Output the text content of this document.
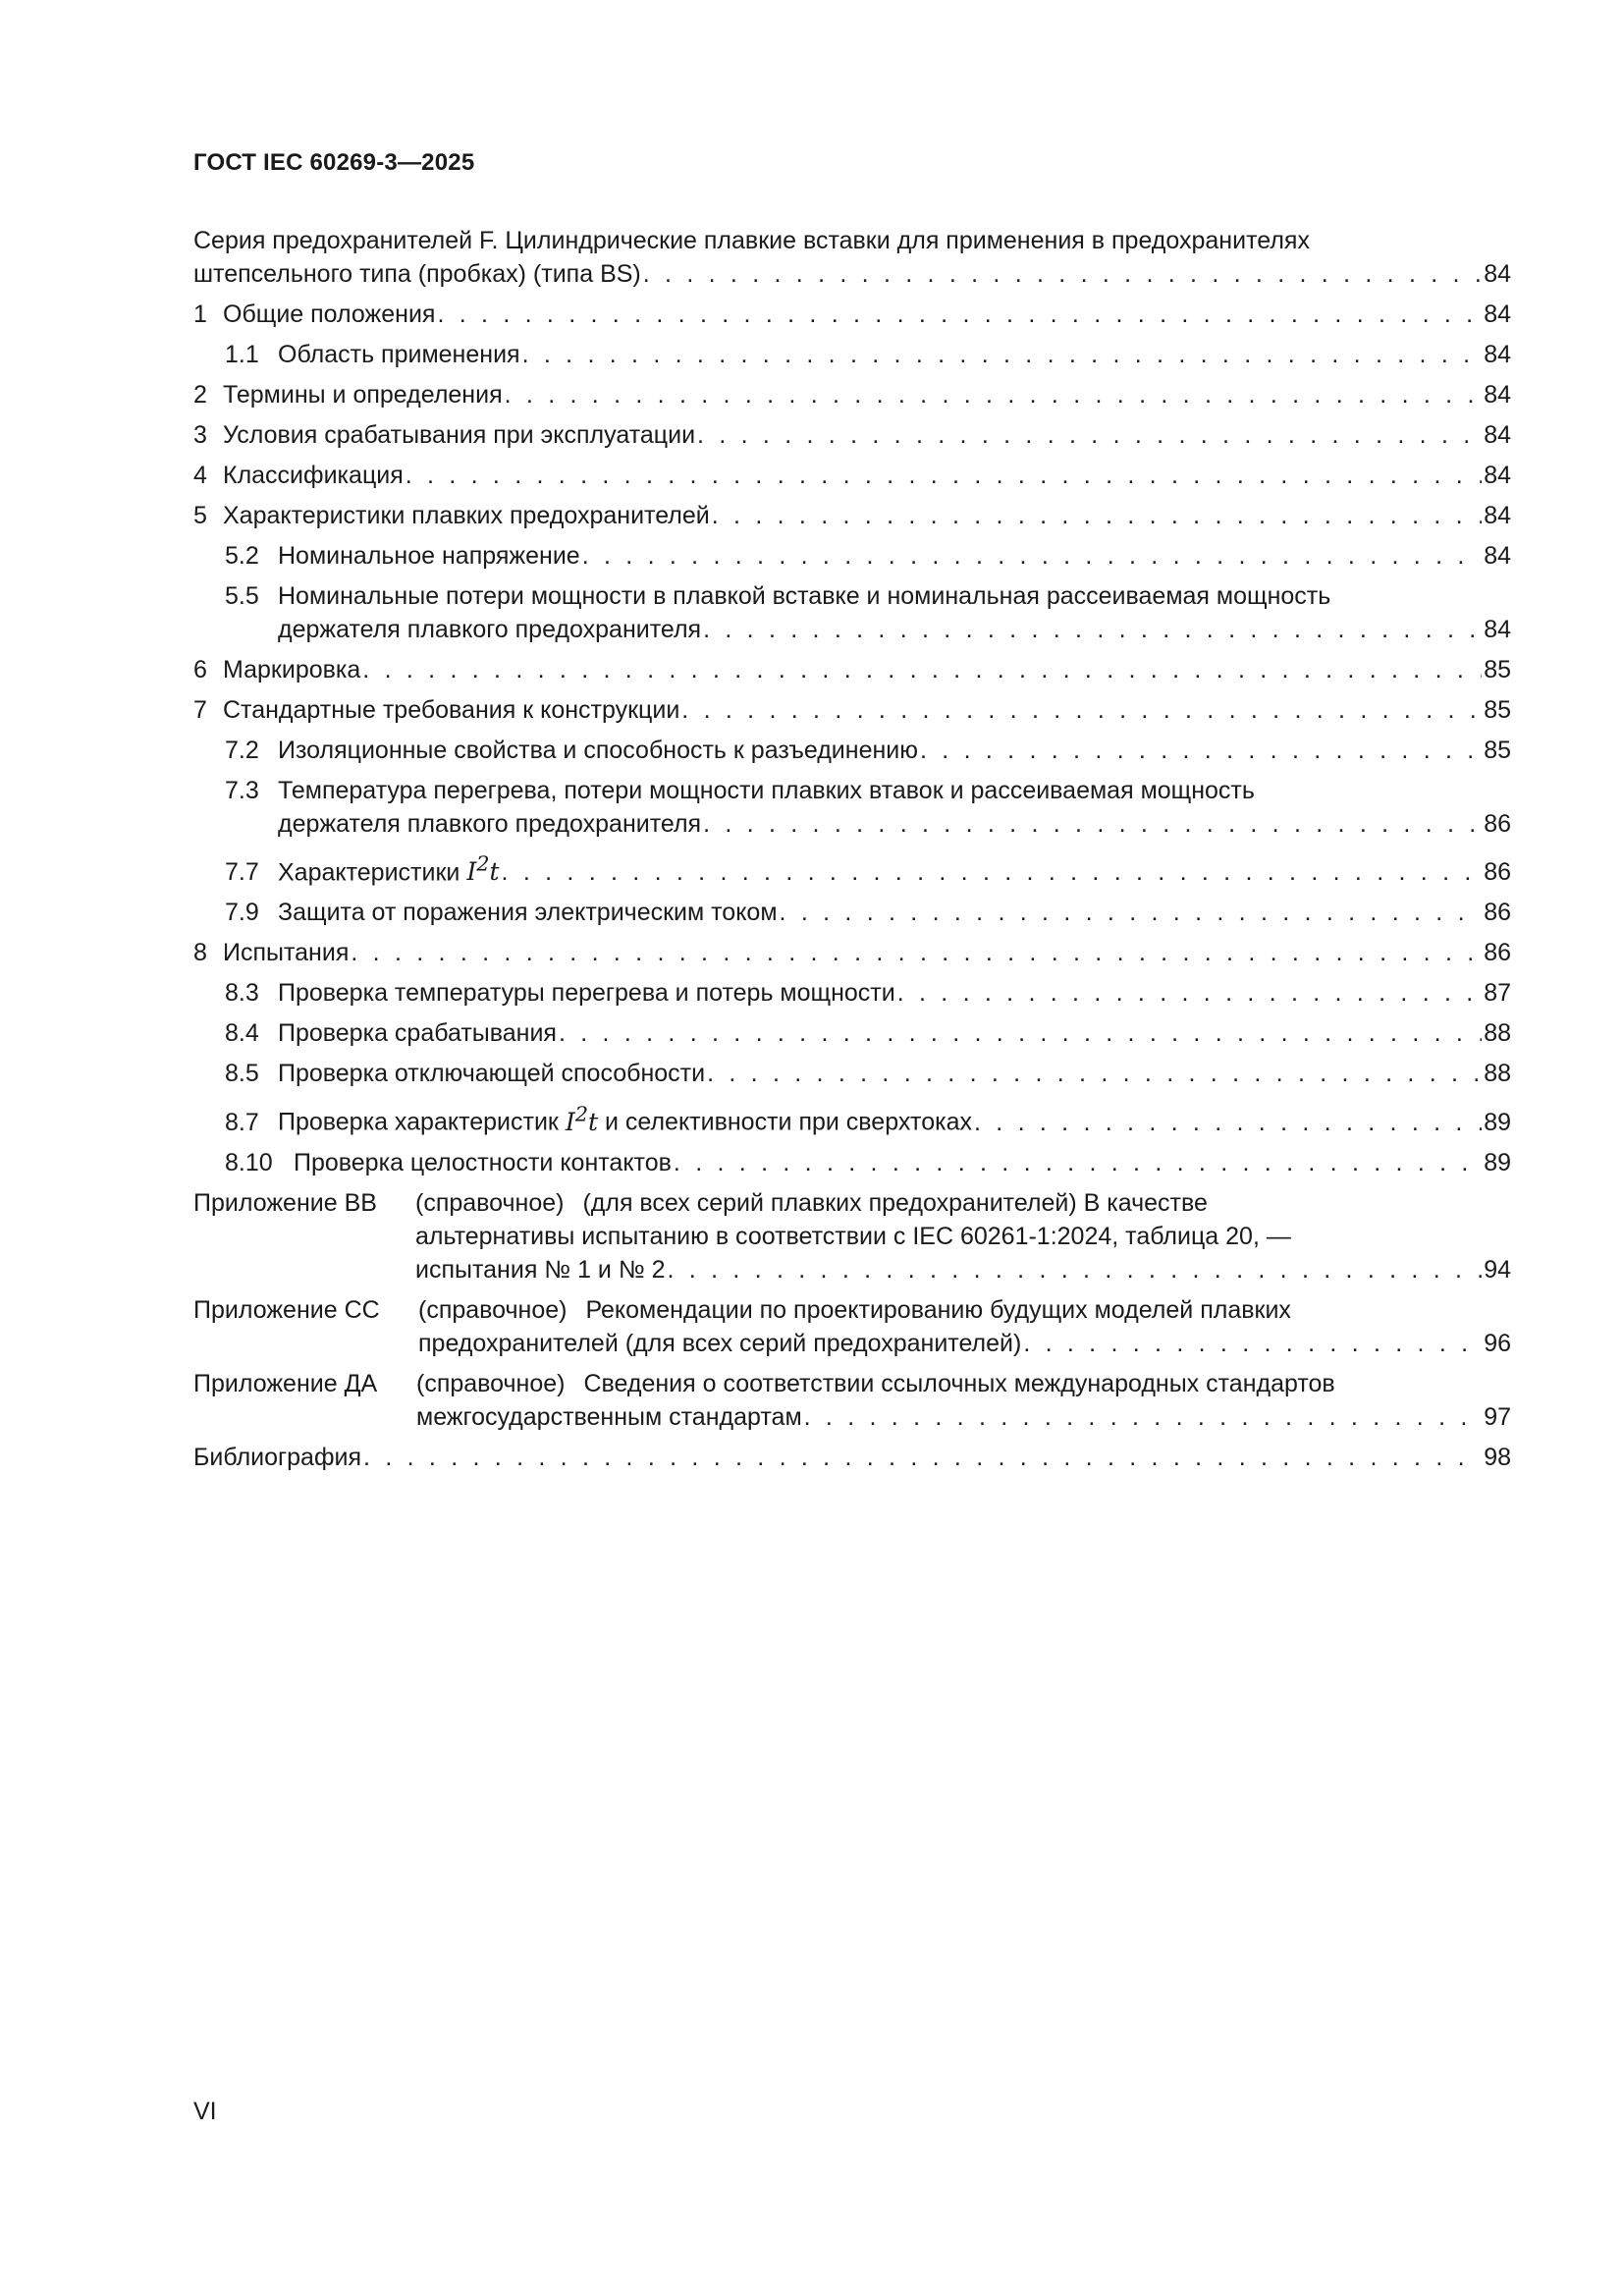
ГОСТ IEC 60269-3—2025
Серия предохранителей F. Цилиндрические плавкие вставки для применения в предохранителях
штепсельного типа (пробках) (типа BS) . . .	84
1 Общие положения . . .	84
1.1 Область применения . . .	84
2 Термины и определения . . .	84
3 Условия срабатывания при эксплуатации . . .	84
4 Классификация . . .	84
5 Характеристики плавких предохранителей . . .	84
5.2 Номинальное напряжение . . .	84
5.5 Номинальные потери мощности в плавкой вставке и номинальная рассеиваемая мощность
держателя плавкого предохранителя . . .	84
6 Маркировка . . .	85
7 Стандартные требования к конструкции . . .	85
7.2 Изоляционные свойства и способность к разъединению . . .	85
7.3 Температура перегрева, потери мощности плавких втавок и рассеиваемая мощность
держателя плавкого предохранителя . . .	86
7.7 Характеристики $I^2t$ . . .	86
7.9 Защита от поражения электрическим током . . .	86
8 Испытания . . .	86
8.3 Проверка температуры перегрева и потерь мощности . . .	87
8.4 Проверка срабатывания . . .	88
8.5 Проверка отключающей способности . . .	88
8.7 Проверка характеристик $I^2t$ и селективности при сверхтоках . . .	89
8.10 Проверка целостности контактов . . .	89
Приложение ВВ	(справочное) (для всех серий плавких предохранителей) В качестве
альтернативы испытанию в соответствии с IEC 60261-1:2024, таблица 20, —
испытания № 1 и № 2 . . .	94
Приложение СС	(справочное) Рекомендации по проектированию будущих моделей плавких
предохранителей (для всех серий предохранителей) . . .	96
Приложение ДА	(справочное) Сведения о соответствии ссылочных международных стандартов
межгосударственным стандартам . . .	97
Библиография . . .	98
VI
